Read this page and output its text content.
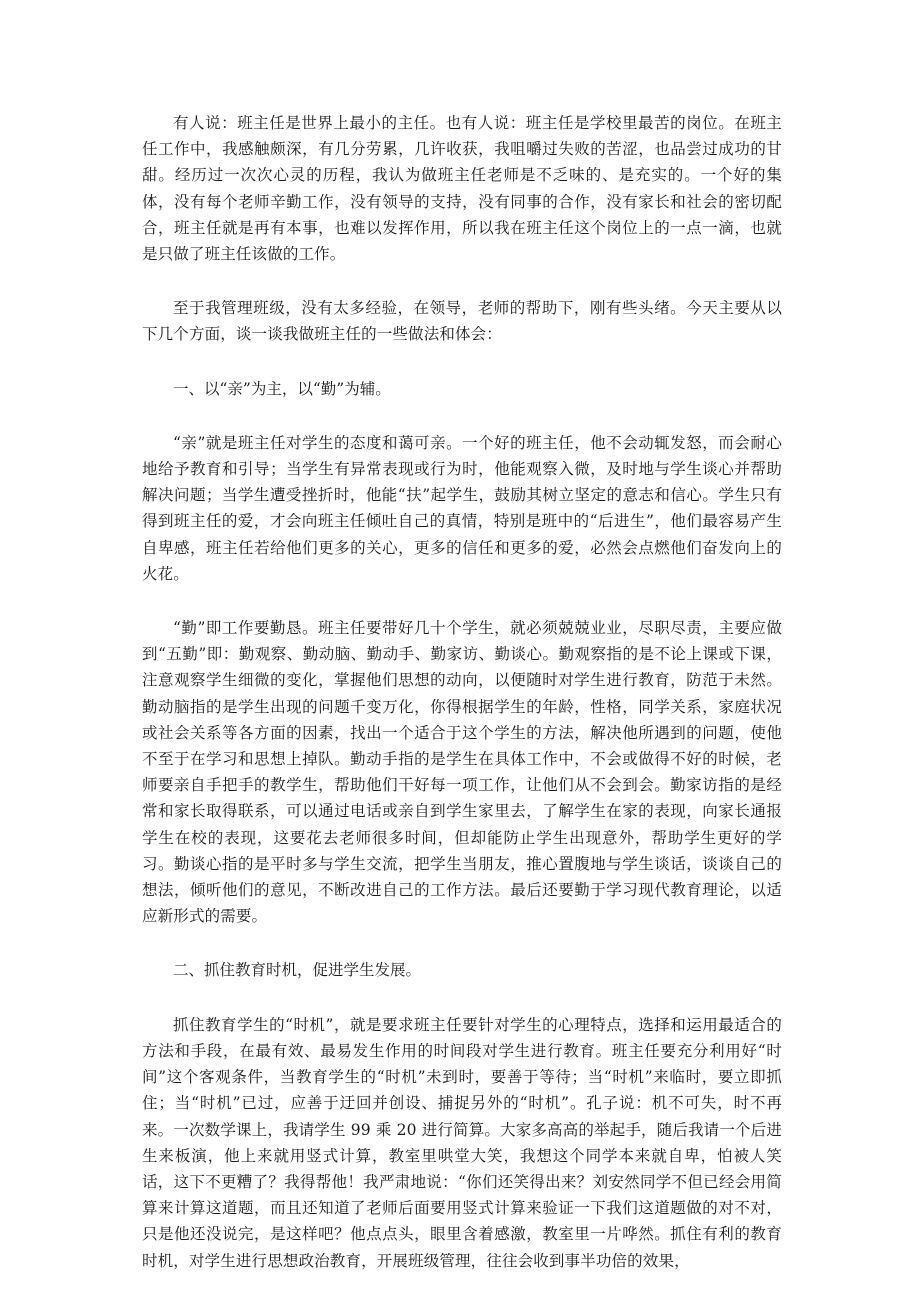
有人说：班主任是世界上最小的主任。也有人说：班主任是学校里最苦的岗位。在班主任工作中，我感触颇深，有几分劳累，几许收获，我咀嚼过失败的苦涩，也品尝过成功的甘甜。经历过一次次心灵的历程，我认为做班主任老师是不乏味的、是充实的。一个好的集体，没有每个老师辛勤工作，没有领导的支持，没有同事的合作，没有家长和社会的密切配合，班主任就是再有本事，也难以发挥作用，所以我在班主任这个岗位上的一点一滴，也就是只做了班主任该做的工作。

至于我管理班级，没有太多经验，在领导，老师的帮助下，刚有些头绪。今天主要从以下几个方面，谈一谈我做班主任的一些做法和体会：

一、以“亲”为主，以“勤”为辅。

“亲”就是班主任对学生的态度和蔼可亲。一个好的班主任，他不会动辄发怒，而会耐心地给予教育和引导；当学生有异常表现或行为时，他能观察入微，及时地与学生谈心并帮助解决问题；当学生遭受挫折时，他能“扶”起学生，鼓励其树立坚定的意志和信心。学生只有得到班主任的爱，才会向班主任倾吐自己的真情，特别是班中的“后进生”，他们最容易产生自卑感，班主任若给他们更多的关心，更多的信任和更多的爱，必然会点燃他们奋发向上的火花。

“勤”即工作要勤恳。班主任要带好几十个学生，就必须兢兢业业，尽职尽责，主要应做到“五勤”即：勤观察、勤动脑、勤动手、勤家访、勤谈心。勤观察指的是不论上课或下课，注意观察学生细微的变化，掌握他们思想的动向，以便随时对学生进行教育，防范于未然。勤动脑指的是学生出现的问题千变万化，你得根据学生的年龄，性格，同学关系，家庭状况或社会关系等各方面的因素，找出一个适合于这个学生的方法，解决他所遇到的问题，使他不至于在学习和思想上掉队。勤动手指的是学生在具体工作中，不会或做得不好的时候，老师要亲自手把手的教学生，帮助他们干好每一项工作，让他们从不会到会。勤家访指的是经常和家长取得联系，可以通过电话或亲自到学生家里去，了解学生在家的表现，向家长通报学生在校的表现，这要花去老师很多时间，但却能防止学生出现意外，帮助学生更好的学习。勤谈心指的是平时多与学生交流，把学生当朋友，推心置腹地与学生谈话，谈谈自己的想法，倾听他们的意见，不断改进自己的工作方法。最后还要勤于学习现代教育理论，以适应新形式的需要。

二、抓住教育时机，促进学生发展。

抓住教育学生的“时机”，就是要求班主任要针对学生的心理特点，选择和运用最适合的方法和手段，在最有效、最易发生作用的时间段对学生进行教育。班主任要充分利用好“时间”这个客观条件，当教育学生的“时机”未到时，要善于等待；当“时机”来临时，要立即抓住；当“时机”已过，应善于迂回并创设、捕捉另外的“时机”。孔子说：机不可失，时不再来。一次数学课上，我请学生 99 乘 20 进行简算。大家多高高的举起手，随后我请一个后进生来板演，他上来就用竖式计算，教室里哄堂大笑，我想这个同学本来就自卑，怕被人笑话，这下不更糟了？我得帮他！我严肃地说：“你们还笑得出来？刘安然同学不但已经会用简算来计算这道题，而且还知道了老师后面要用竖式计算来验证一下我们这道题做的对不对，只是他还没说完，是这样吧？他点点头，眼里含着感激，教室里一片哗然。抓住有利的教育时机，对学生进行思想政治教育，开展班级管理，往往会收到事半功倍的效果，
